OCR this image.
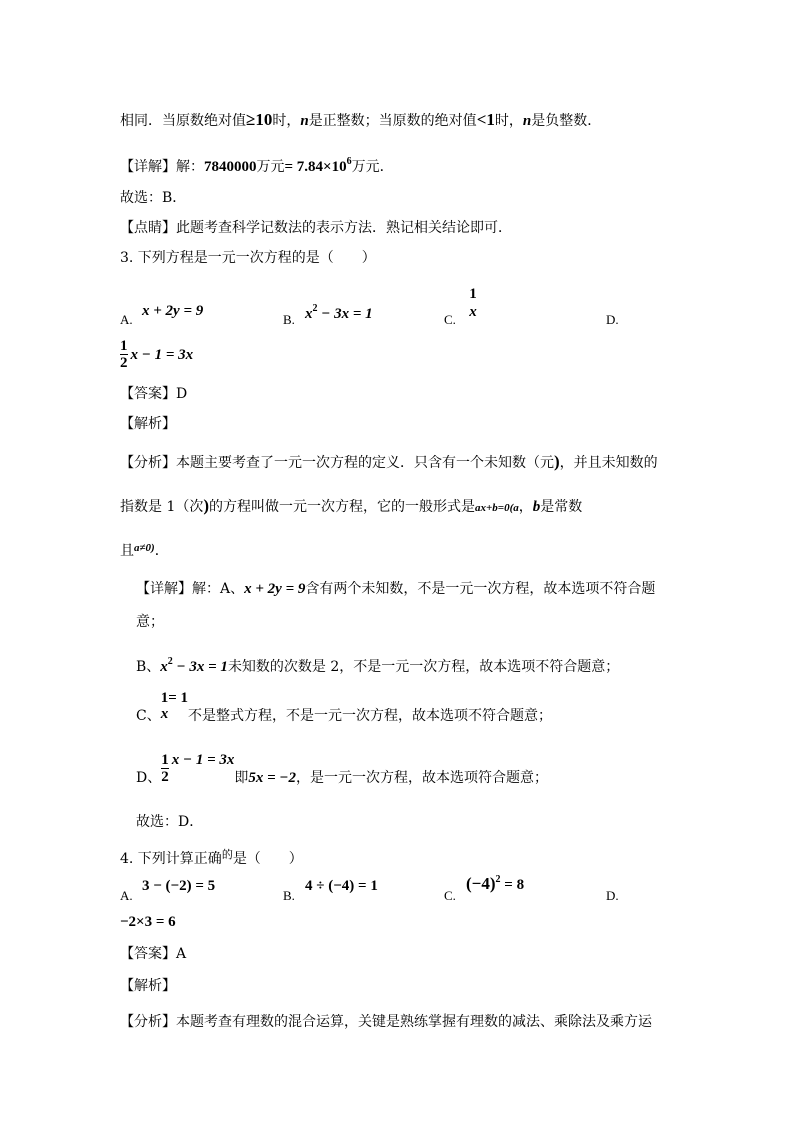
相同．当原数绝对值≥10时，n是正整数；当原数的绝对值<1时，n是负整数．
【详解】解：7840000万元= $7.84\times 10^6$万元．
故选：B．
【点睛】此题考查科学记数法的表示方法．熟记相关结论即可．
3. 下列方程是一元一次方程的是（　　）
A.
x + 2y = 9
B. $x^2 - 3x = 1$	C.
1
x	D.
$\frac{1}{2}$ x − 1 = 3x
【答案】D
【解析】
【分析】本题主要考查了一元一次方程的定义．只含有一个未知数（元)，并且未知数的
指数是 1（次)的方程叫做一元一次方程，它的一般形式是ax+b=0(a，b是常数
且$^{a\ne 0)}$．
【详解】解：A、x + 2y = 9含有两个未知数，不是一元一次方程，故本选项不符合题
意；
B、$x^2 - 3x = 1$未知数的次数是 2，不是一元一次方程，故本选项不符合题意；
C、
1
x
= 1不是整式方程，不是一元一次方程，故本选项不符合题意；
D、 $\frac{1}{2}$ x − 1 = 3x即5x = −2，是一元一次方程，故本选项符合题意；
故选：D．
4. 下列计算正确$^的$是（　　）
A.
3 − (−2) = 5
B.
4 ÷ (−4) = 1
C.
$(-4)^2 = 8$
D.
−2×3 = 6
【答案】A
【解析】
【分析】本题考查有理数的混合运算，关键是熟练掌握有理数的减法、乘除法及乘方运
